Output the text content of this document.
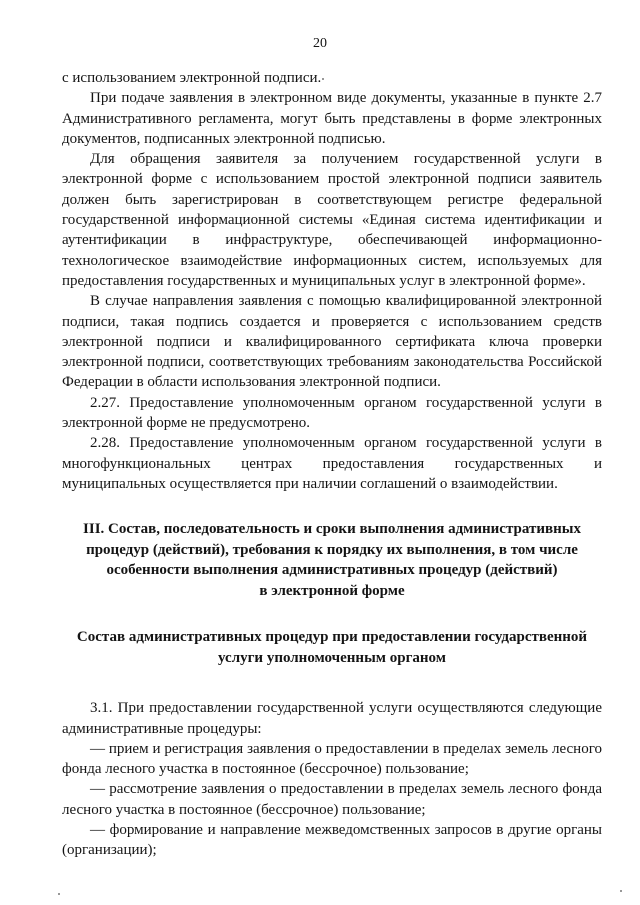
20

с использованием электронной подписи.

При подаче заявления в электронном виде документы, указанные в пункте 2.7 Административного регламента, могут быть представлены в форме электронных документов, подписанных электронной подписью.

Для обращения заявителя за получением государственной услуги в электронной форме с использованием простой электронной подписи заявитель должен быть зарегистрирован в соответствующем регистре федеральной государственной информационной системы «Единая система идентификации и аутентификации в инфраструктуре, обеспечивающей информационно-технологическое взаимодействие информационных систем, используемых для предоставления государственных и муниципальных услуг в электронной форме».

В случае направления заявления с помощью квалифицированной электронной подписи, такая подпись создается и проверяется с использованием средств электронной подписи и квалифицированного сертификата ключа проверки электронной подписи, соответствующих требованиям законодательства Российской Федерации в области использования электронной подписи.

2.27. Предоставление уполномоченным органом государственной услуги в электронной форме не предусмотрено.

2.28. Предоставление уполномоченным органом государственной услуги в многофункциональных центрах предоставления государственных и муниципальных осуществляется при наличии соглашений о взаимодействии.

III. Состав, последовательность и сроки выполнения административных

процедур (действий), требования к порядку их выполнения, в том числе

особенности выполнения административных процедур (действий)

в электронной форме

Состав административных процедур при предоставлении государственной

услуги уполномоченным органом

3.1. При предоставлении государственной услуги осуществляются следующие административные процедуры:

— прием и регистрация заявления о предоставлении в пределах земель лесного фонда лесного участка в постоянное (бессрочное) пользование;

— рассмотрение заявления о предоставлении в пределах земель лесного фонда лесного участка в постоянное (бессрочное) пользование;

— формирование и направление межведомственных запросов в другие органы (организации);
